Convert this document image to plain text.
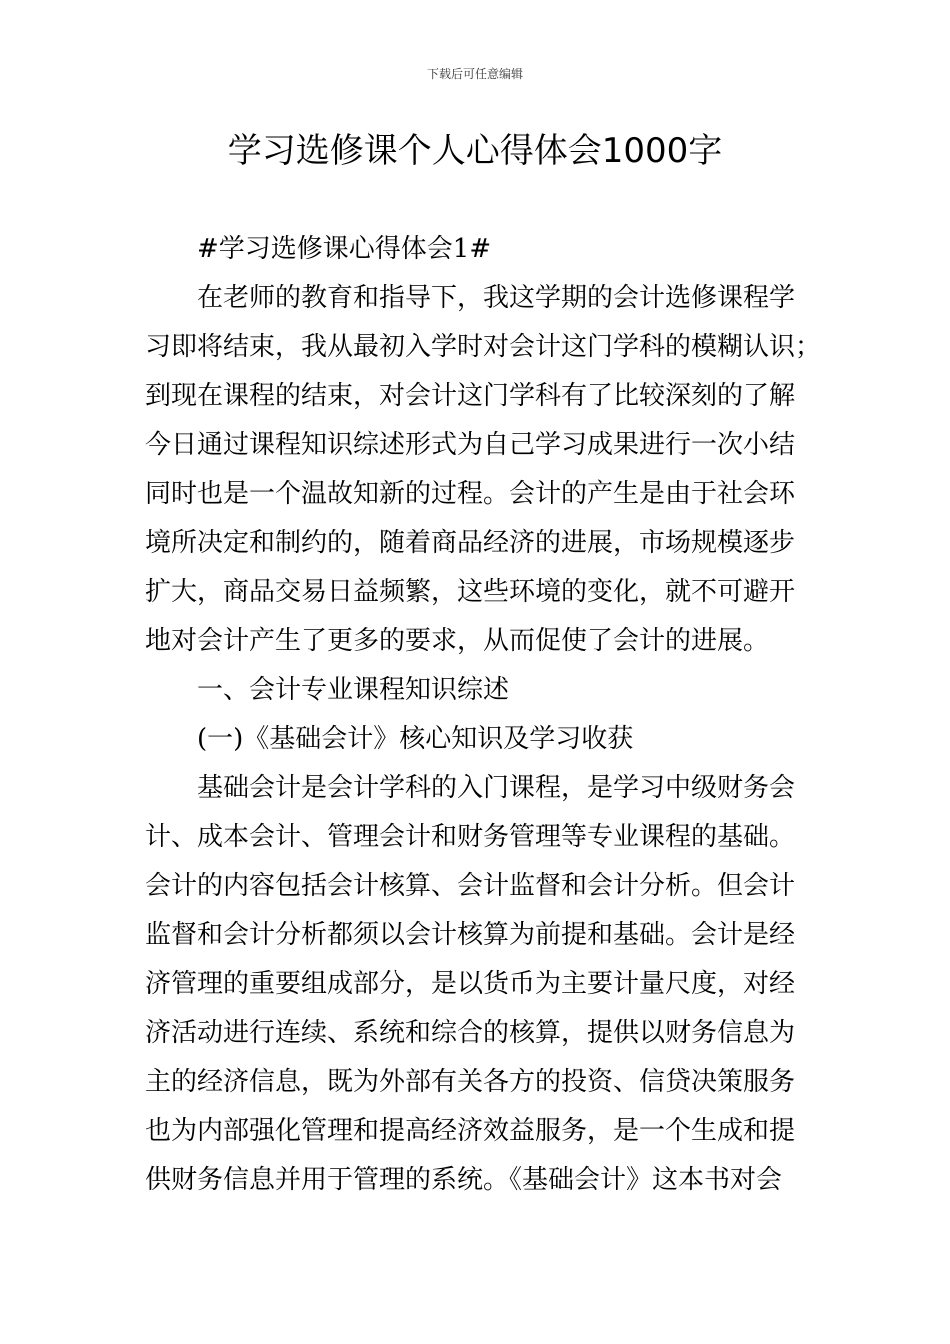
下载后可任意编辑
学习选修课个人心得体会1000字
#学习选修课心得体会1#
在老师的教育和指导下，我这学期的会计选修课程学
习即将结束，我从最初入学时对会计这门学科的模糊认识；
到现在课程的结束，对会计这门学科有了比较深刻的了解
今日通过课程知识综述形式为自己学习成果进行一次小结
同时也是一个温故知新的过程。会计的产生是由于社会环
境所决定和制约的，随着商品经济的进展，市场规模逐步
扩大，商品交易日益频繁，这些环境的变化，就不可避开
地对会计产生了更多的要求，从而促使了会计的进展。
一、会计专业课程知识综述
(一)《基础会计》核心知识及学习收获
基础会计是会计学科的入门课程，是学习中级财务会
计、成本会计、管理会计和财务管理等专业课程的基础。
会计的内容包括会计核算、会计监督和会计分析。但会计
监督和会计分析都须以会计核算为前提和基础。会计是经
济管理的重要组成部分，是以货币为主要计量尺度，对经
济活动进行连续、系统和综合的核算，提供以财务信息为
主的经济信息，既为外部有关各方的投资、信贷决策服务
也为内部强化管理和提高经济效益服务，是一个生成和提
供财务信息并用于管理的系统。《基础会计》这本书对会
